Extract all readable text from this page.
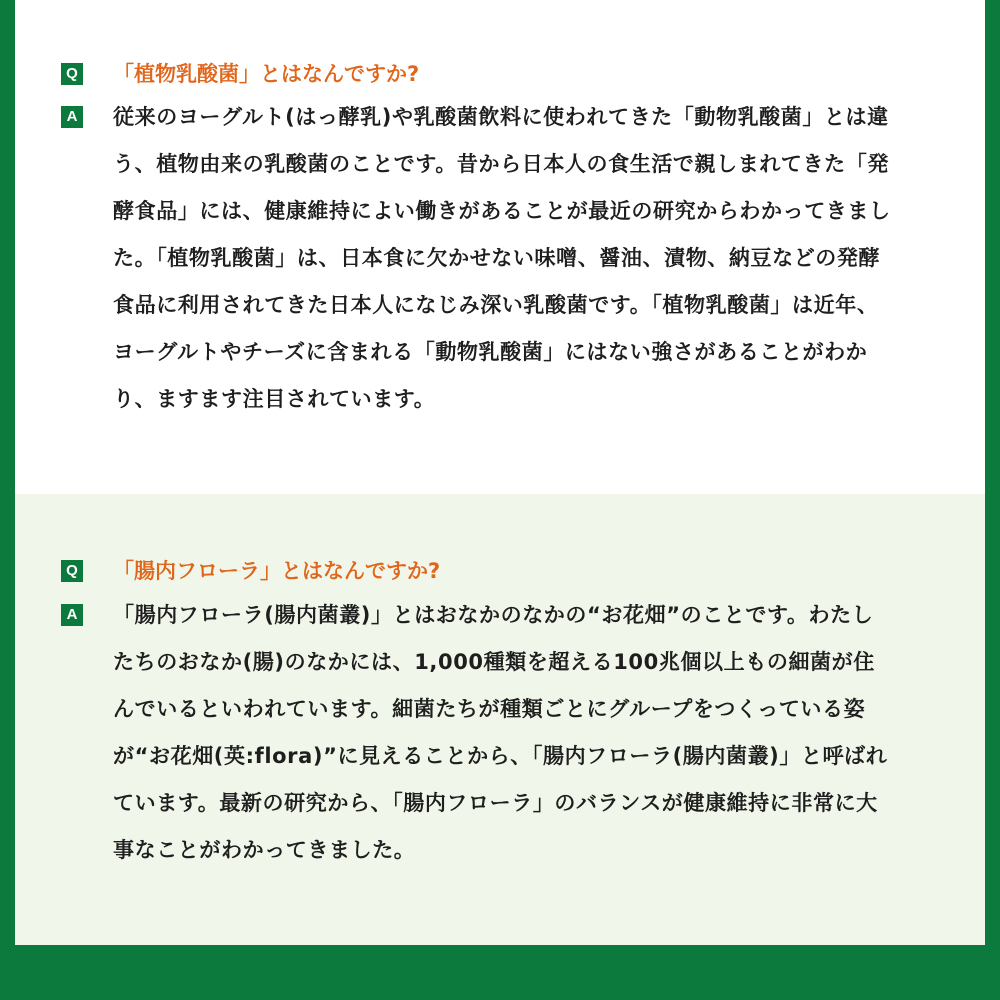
Q 「植物乳酸菌」とはなんですか?
A 従来のヨーグルト(はっ酵乳)や乳酸菌飲料に使われてきた「動物乳酸菌」とは違う、植物由来の乳酸菌のことです。昔から日本人の食生活で親しまれてきた「発酵食品」には、健康維持によい働きがあることが最近の研究からわかってきました。「植物乳酸菌」は、日本食に欠かせない味噌、醤油、漬物、納豆などの発酵食品に利用されてきた日本人になじみ深い乳酸菌です。「植物乳酸菌」は近年、ヨーグルトやチーズに含まれる「動物乳酸菌」にはない強さがあることがわかり、ますます注目されています。

Q 「腸内フローラ」とはなんですか?
A 「腸内フローラ(腸内菌叢)」とはおなかのなかの“お花畑”のことです。わたしたちのおなか(腸)のなかには、1,000種類を超える100兆個以上もの細菌が住んでいるといわれています。細菌たちが種類ごとにグループをつくっている姿が“お花畑(英:flora)”に見えることから、「腸内フローラ(腸内菌叢)」と呼ばれています。最新の研究から、「腸内フローラ」のバランスが健康維持に非常に大事なことがわかってきました。
